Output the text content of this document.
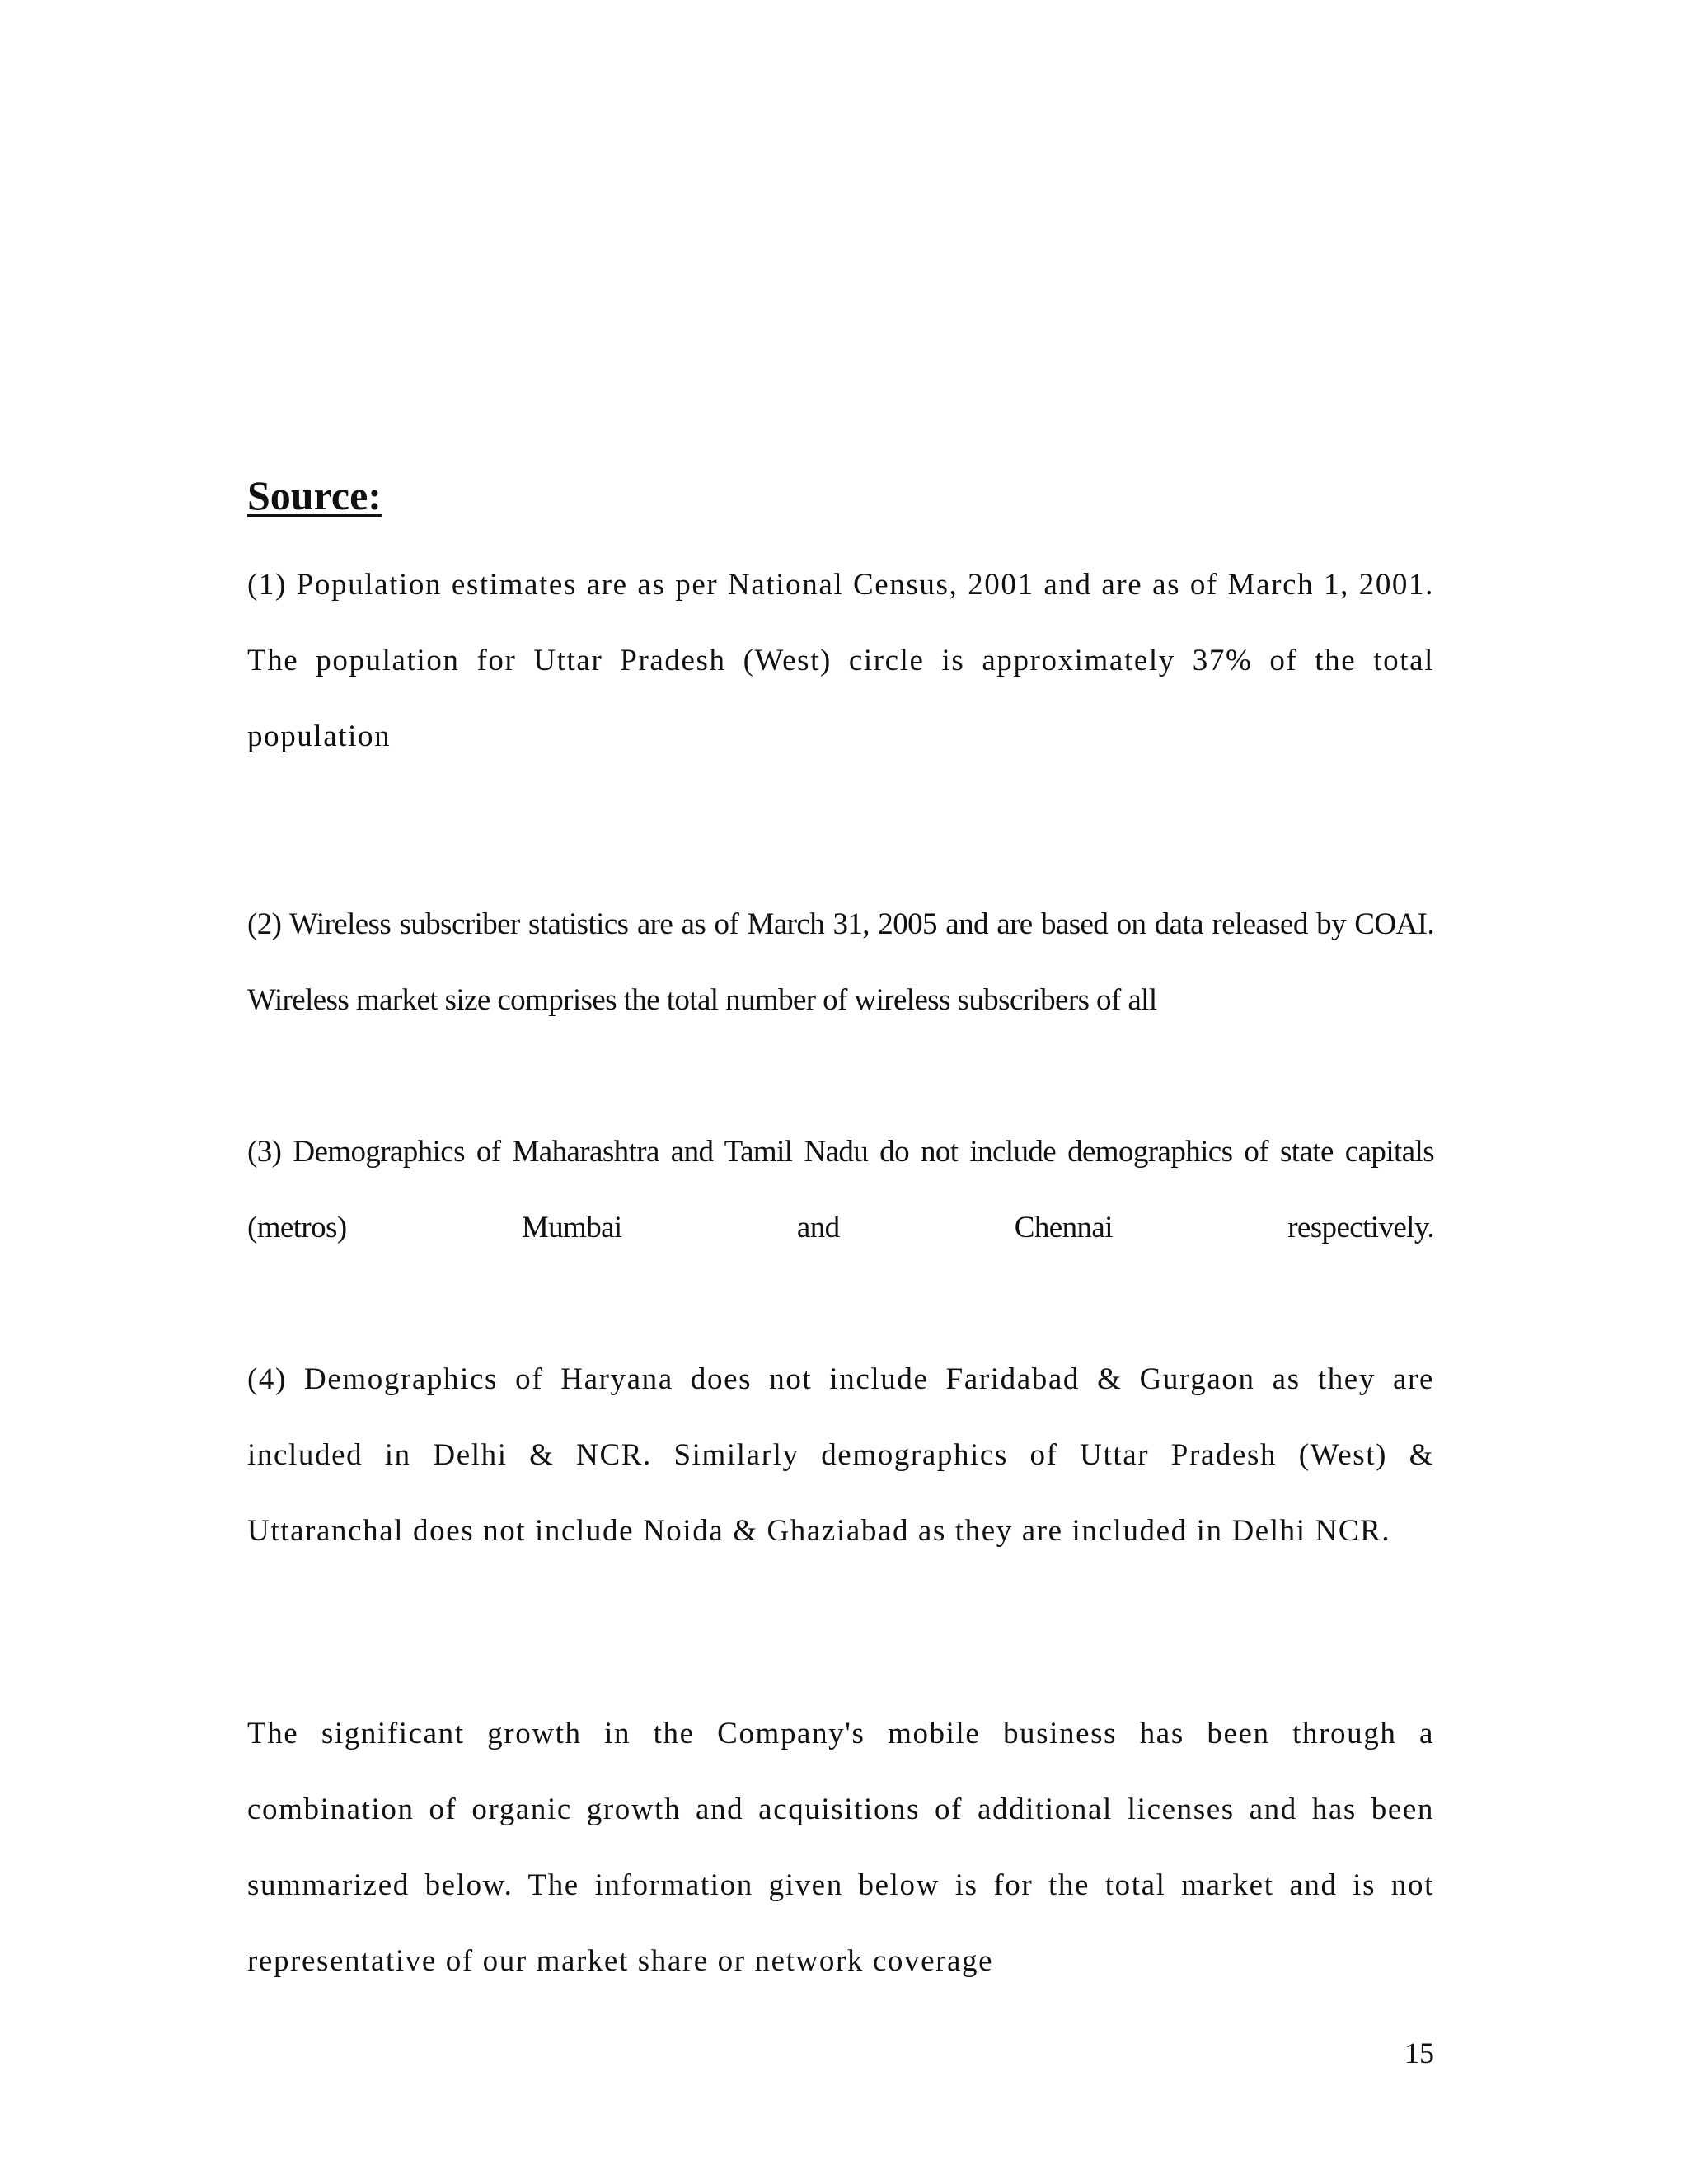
Source:

(1) Population estimates are as per National Census, 2001 and are as of March 1, 2001. The population for Uttar Pradesh (West) circle is approximately 37% of the total population

(2) Wireless subscriber statistics are as of March 31, 2005 and are based on data released by COAI. Wireless market size comprises the total number of wireless subscribers of all

(3) Demographics of Maharashtra and Tamil Nadu do not include demographics of state capitals (metros) Mumbai and Chennai respectively.

(4) Demographics of Haryana does not include Faridabad & Gurgaon as they are included in Delhi & NCR. Similarly demographics of Uttar Pradesh (West) & Uttaranchal does not include Noida & Ghaziabad as they are included in Delhi NCR.

The significant growth in the Company's mobile business has been through a combination of organic growth and acquisitions of additional licenses and has been summarized below. The information given below is for the total market and is not representative of our market share or network coverage

15
